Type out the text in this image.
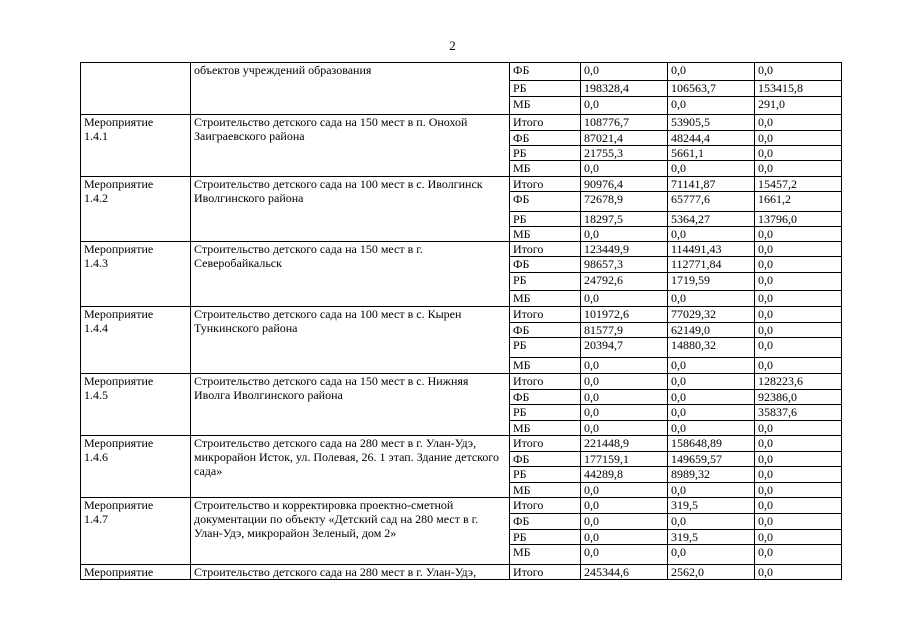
2
	объектов учреждений образования	ФБ	0,0	0,0	0,0
		РБ	198328,4	106563,7	153415,8
		МБ	0,0	0,0	291,0
Мероприятие
1.4.1	Строительство детского сада на 150 мест в п. Онохой Заиграевского района	Итого	108776,7	53905,5	0,0
		ФБ	87021,4	48244,4	0,0
		РБ	21755,3	5661,1	0,0
		МБ	0,0	0,0	0,0
Мероприятие
1.4.2	Строительство детского сада на 100 мест в с. Иволгинск Иволгинского района	Итого	90976,4	71141,87	15457,2
		ФБ	72678,9	65777,6	1661,2
		РБ	18297,5	5364,27	13796,0
		МБ	0,0	0,0	0,0
Мероприятие
1.4.3	Строительство детского сада на 150 мест в г. Северобайкальск	Итого	123449,9	114491,43	0,0
		ФБ	98657,3	112771,84	0,0
		РБ	24792,6	1719,59	0,0
		МБ	0,0	0,0	0,0
Мероприятие
1.4.4	Строительство детского сада на 100 мест в с. Кырен Тункинского района	Итого	101972,6	77029,32	0,0
		ФБ	81577,9	62149,0	0,0
		РБ	20394,7	14880,32	0,0
		МБ	0,0	0,0	0,0
Мероприятие
1.4.5	Строительство детского сада на 150 мест в с. Нижняя Иволга Иволгинского района	Итого	0,0	0,0	128223,6
		ФБ	0,0	0,0	92386,0
		РБ	0,0	0,0	35837,6
		МБ	0,0	0,0	0,0
Мероприятие
1.4.6	Строительство детского сада на 280 мест в г. Улан-Удэ, микрорайон Исток, ул. Полевая, 26. 1 этап. Здание детского сада»	Итого	221448,9	158648,89	0,0
		ФБ	177159,1	149659,57	0,0
		РБ	44289,8	8989,32	0,0
		МБ	0,0	0,0	0,0
Мероприятие
1.4.7	Строительство и корректировка проектно-сметной документации по объекту «Детский сад на 280 мест в г. Улан-Удэ, микрорайон Зеленый, дом 2»	Итого	0,0	319,5	0,0
		ФБ	0,0	0,0	0,0
		РБ	0,0	319,5	0,0
		МБ	0,0	0,0	0,0
Мероприятие	Строительство детского сада на 280 мест в г. Улан-Удэ,	Итого	245344,6	2562,0	0,0
